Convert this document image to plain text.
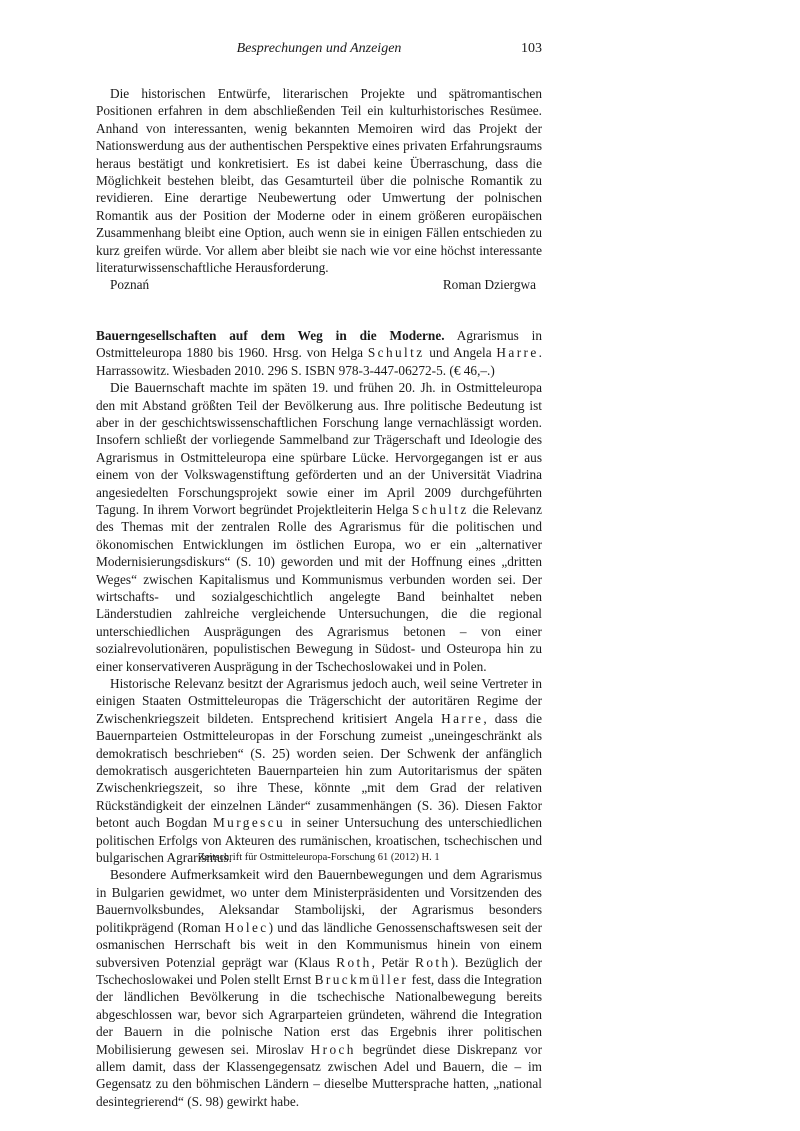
Besprechungen und Anzeigen	103

Die historischen Entwürfe, literarischen Projekte und spätromantischen Positionen erfahren in dem abschließenden Teil ein kulturhistorisches Resümee. Anhand von interessanten, wenig bekannten Memoiren wird das Projekt der Nationswerdung aus der authentischen Perspektive eines privaten Erfahrungsraums heraus bestätigt und konkretisiert. Es ist dabei keine Überraschung, dass die Möglichkeit bestehen bleibt, das Gesamturteil über die polnische Romantik zu revidieren. Eine derartige Neubewertung oder Umwertung der polnischen Romantik aus der Position der Moderne oder in einem größeren europäischen Zusammenhang bleibt eine Option, auch wenn sie in einigen Fällen entschieden zu kurz greifen würde. Vor allem aber bleibt sie nach wie vor eine höchst interessante literaturwissenschaftliche Herausforderung.

Poznań	Roman Dziergwa

Bauerngesellschaften auf dem Weg in die Moderne. Agrarismus in Ostmitteleuropa 1880 bis 1960. Hrsg. von Helga Schultz und Angela Harre. Harrassowitz. Wiesbaden 2010. 296 S. ISBN 978-3-447-06272-5. (€ 46,–.)

Die Bauernschaft machte im späten 19. und frühen 20. Jh. in Ostmitteleuropa den mit Abstand größten Teil der Bevölkerung aus. Ihre politische Bedeutung ist aber in der geschichtswissenschaftlichen Forschung lange vernachlässigt worden. Insofern schließt der vorliegende Sammelband zur Trägerschaft und Ideologie des Agrarismus in Ostmitteleuropa eine spürbare Lücke. Hervorgegangen ist er aus einem von der Volkswagenstiftung geförderten und an der Universität Viadrina angesiedelten Forschungsprojekt sowie einer im April 2009 durchgeführten Tagung. In ihrem Vorwort begründet Projektleiterin Helga Schultz die Relevanz des Themas mit der zentralen Rolle des Agrarismus für die politischen und ökonomischen Entwicklungen im östlichen Europa, wo er ein „alternativer Modernisierungsdiskurs“ (S. 10) geworden und mit der Hoffnung eines „dritten Weges“ zwischen Kapitalismus und Kommunismus verbunden worden sei. Der wirtschafts- und sozialgeschichtlich angelegte Band beinhaltet neben Länderstudien zahlreiche vergleichende Untersuchungen, die die regional unterschiedlichen Ausprägungen des Agrarismus betonen – von einer sozialrevolutionären, populistischen Bewegung in Südost- und Osteuropa hin zu einer konservativeren Ausprägung in der Tschechoslowakei und in Polen.

Historische Relevanz besitzt der Agrarismus jedoch auch, weil seine Vertreter in einigen Staaten Ostmitteleuropas die Trägerschicht der autoritären Regime der Zwischenkriegszeit bildeten. Entsprechend kritisiert Angela Harre, dass die Bauernparteien Ostmitteleuropas in der Forschung zumeist „uneingeschränkt als demokratisch beschrieben“ (S. 25) worden seien. Der Schwenk der anfänglich demokratisch ausgerichteten Bauernparteien hin zum Autoritarismus der späten Zwischenkriegszeit, so ihre These, könnte „mit dem Grad der relativen Rückständigkeit der einzelnen Länder“ zusammenhängen (S. 36). Diesen Faktor betont auch Bogdan Murgescu in seiner Untersuchung des unterschiedlichen politischen Erfolgs von Akteuren des rumänischen, kroatischen, tschechischen und bulgarischen Agrarismus.

Besondere Aufmerksamkeit wird den Bauernbewegungen und dem Agrarismus in Bulgarien gewidmet, wo unter dem Ministerpräsidenten und Vorsitzenden des Bauernvolksbundes, Aleksandar Stambolijski, der Agrarismus besonders politikprägend (Roman Holec) und das ländliche Genossenschaftswesen seit der osmanischen Herrschaft bis weit in den Kommunismus hinein von einem subversiven Potenzial geprägt war (Klaus Roth, Petär Roth). Bezüglich der Tschechoslowakei und Polen stellt Ernst Bruckmüller fest, dass die Integration der ländlichen Bevölkerung in die tschechische Nationalbewegung bereits abgeschlossen war, bevor sich Agrarparteien gründeten, während die Integration der Bauern in die polnische Nation erst das Ergebnis ihrer politischen Mobilisierung gewesen sei. Miroslav Hroch begründet diese Diskrepanz vor allem damit, dass der Klassengegensatz zwischen Adel und Bauern, die – im Gegensatz zu den böhmischen Ländern – dieselbe Muttersprache hatten, „national desintegrierend“ (S. 98) gewirkt habe.

Zeitschrift für Ostmitteleuropa-Forschung 61 (2012) H. 1
